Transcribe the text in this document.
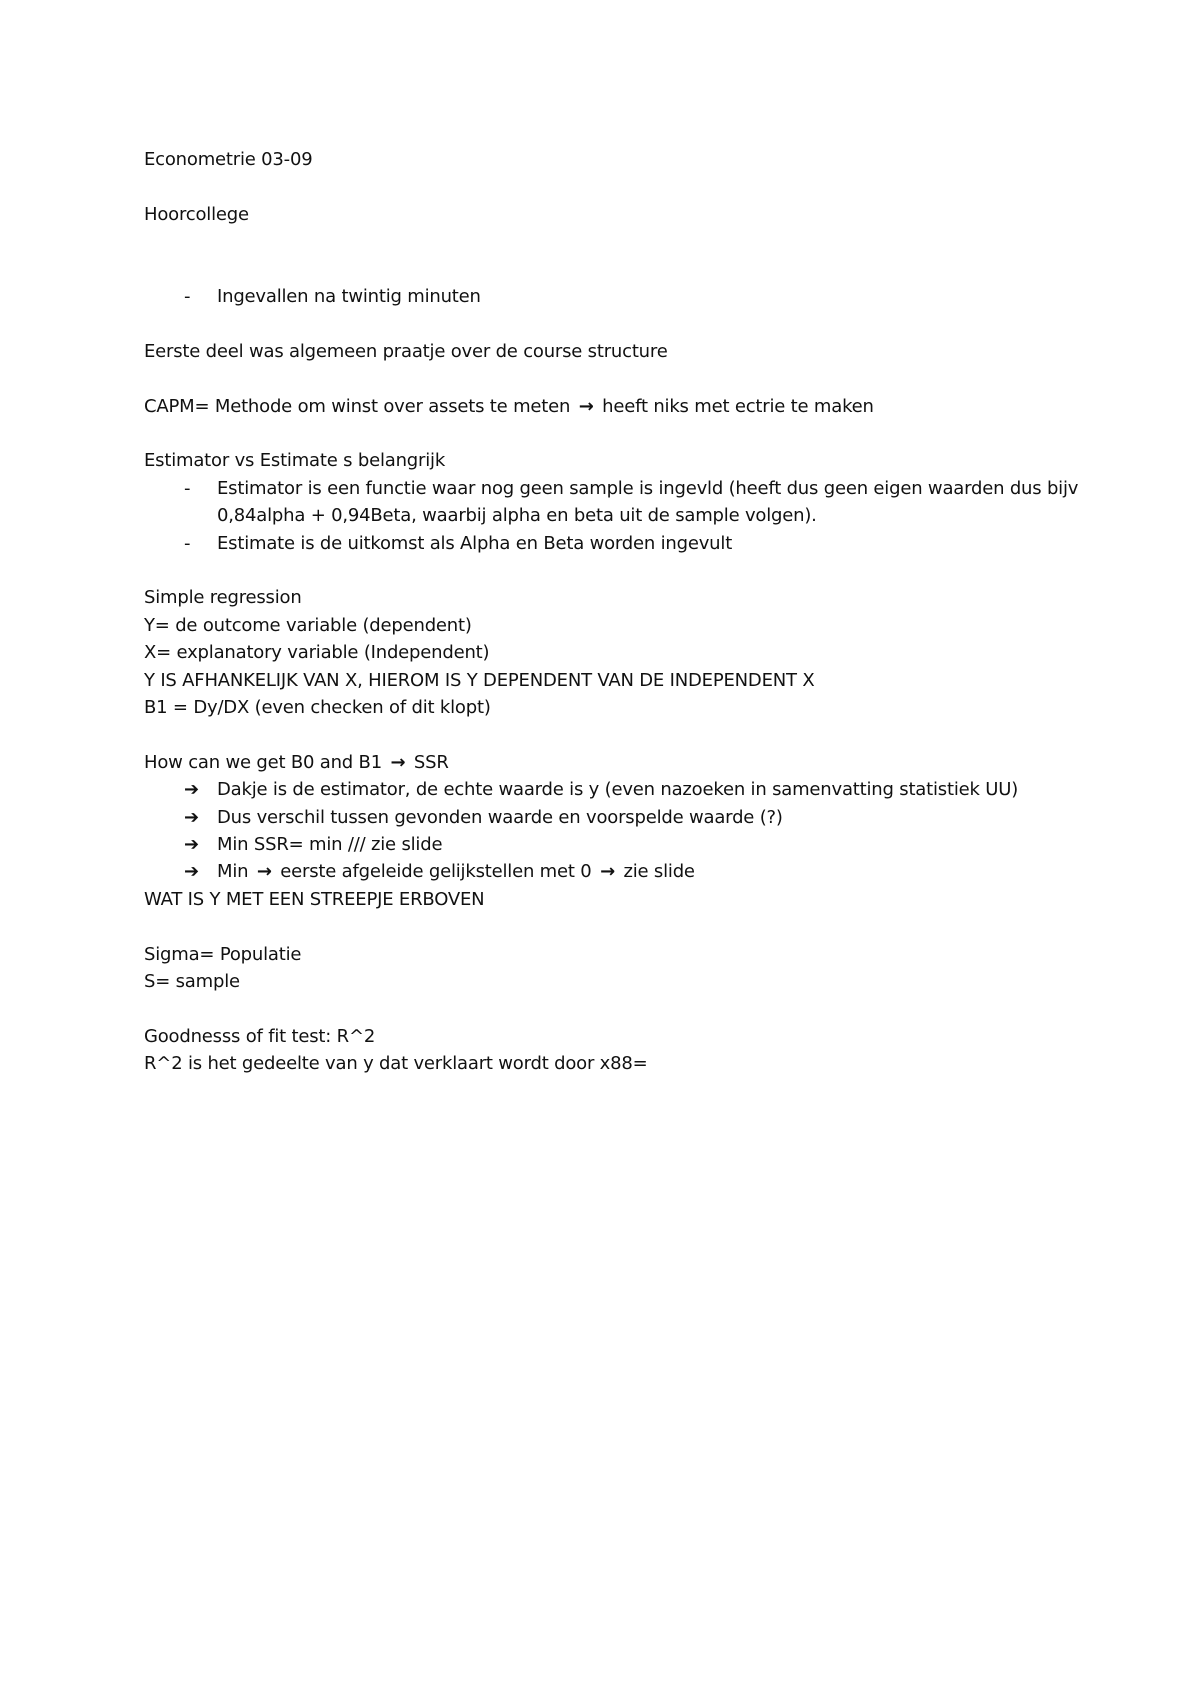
Econometrie 03-09
Hoorcollege
-	Ingevallen na twintig minuten
Eerste deel was algemeen praatje over de course structure
CAPM= Methode om winst over assets te meten → heeft niks met ectrie te maken
Estimator vs Estimate s belangrijk
- Estimator is een functie waar nog geen sample is ingevld (heeft dus geen eigen waarden dus bijv 0,84alpha + 0,94Beta, waarbij alpha en beta uit de sample volgen).
-	Estimate is de uitkomst als Alpha en Beta worden ingevult
Simple regression
Y= de outcome variable (dependent)
X= explanatory variable (Independent)
Y IS AFHANKELIJK VAN X, HIEROM IS Y DEPENDENT VAN DE INDEPENDENT X
B1 = Dy/DX (even checken of dit klopt)
How can we get B0 and B1 → SSR
➔	Dakje is de estimator, de echte waarde is y (even nazoeken in samenvatting statistiek UU)
➔	Dus verschil tussen gevonden waarde en voorspelde waarde (?)
➔	Min SSR= min /// zie slide
➔	Min → eerste afgeleide gelijkstellen met 0 → zie slide
WAT IS Y MET EEN STREEPJE ERBOVEN
Sigma= Populatie
S= sample
Goodnesss of fit test: R^2
R^2 is het gedeelte van y dat verklaart wordt door x88=
